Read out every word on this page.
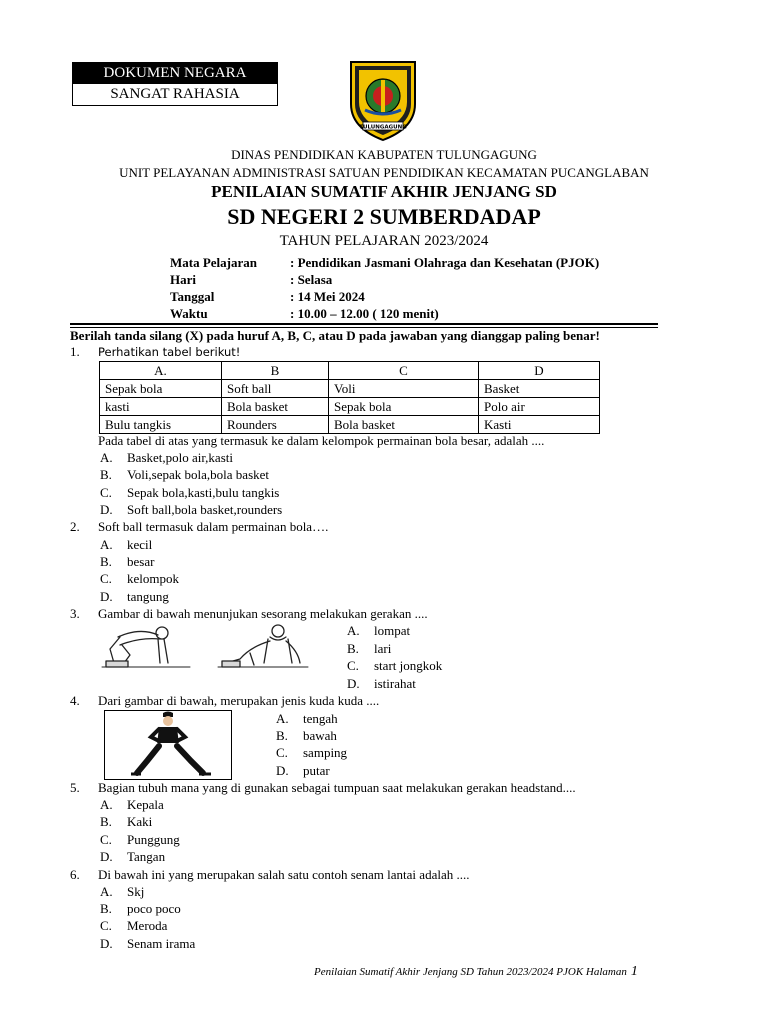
DOKUMEN NEGARA
SANGAT RAHASIA
TULUNGAGUNG
DINAS PENDIDIKAN KABUPATEN TULUNGAGUNG
UNIT PELAYANAN ADMINISTRASI SATUAN PENDIDIKAN KECAMATAN PUCANGLABAN
PENILAIAN SUMATIF AKHIR JENJANG SD
SD NEGERI 2 SUMBERDADAP
TAHUN PELAJARAN 2023/2024
Mata Pelajaran	: Pendidikan Jasmani Olahraga dan Kesehatan (PJOK)
Hari	: Selasa
Tanggal	: 14 Mei 2024
Waktu	: 10.00 – 12.00 ( 120 menit)
Berilah tanda silang (X) pada huruf A, B, C, atau D pada jawaban yang dianggap paling benar!
1. Perhatikan tabel berikut!
A.	B	C	D
Sepak bola	Soft ball	Voli	Basket
kasti	Bola basket	Sepak bola	Polo air
Bulu tangkis	Rounders	Bola basket	Kasti
Pada tabel di atas yang termasuk ke dalam kelompok permainan bola besar, adalah ....
A. Basket,polo air,kasti
B. Voli,sepak bola,bola basket
C. Sepak bola,kasti,bulu tangkis
D. Soft ball,bola basket,rounders
2. Soft ball termasuk dalam permainan bola….
A. kecil
B. besar
C. kelompok
D. tangung
3. Gambar di bawah menunjukan sesorang melakukan gerakan ....
A. lompat
B. lari
C. start jongkok
D. istirahat
4. Dari gambar di bawah, merupakan jenis kuda kuda ....
A. tengah
B. bawah
C. samping
D. putar
5. Bagian tubuh mana yang di gunakan sebagai tumpuan saat melakukan gerakan headstand....
A. Kepala
B. Kaki
C. Punggung
D. Tangan
6. Di bawah ini yang merupakan salah satu contoh senam lantai adalah ....
A. Skj
B. poco poco
C. Meroda
D. Senam irama
Penilaian Sumatif Akhir Jenjang SD Tahun 2023/2024 PJOK Halaman 1
